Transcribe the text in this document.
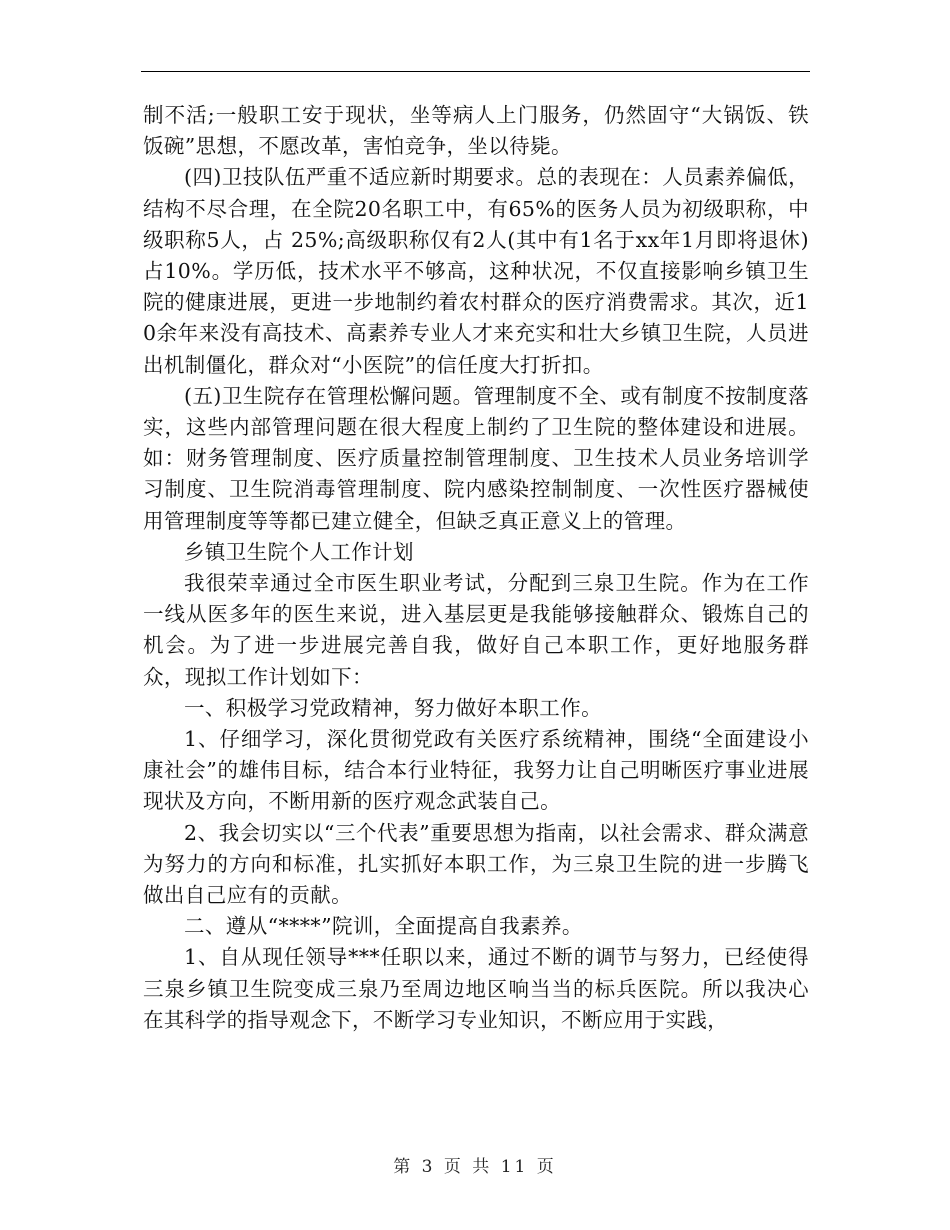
制不活;一般职工安于现状，坐等病人上门服务，仍然固守“大锅饭、铁饭碗”思想，不愿改革，害怕竞争，坐以待毙。

(四)卫技队伍严重不适应新时期要求。总的表现在：人员素养偏低，结构不尽合理，在全院20名职工中，有65%的医务人员为初级职称，中级职称5人，占 25%;高级职称仅有2人(其中有1名于xx年1月即将退休)占10%。学历低，技术水平不够高，这种状况，不仅直接影响乡镇卫生院的健康进展，更进一步地制约着农村群众的医疗消费需求。其次，近10余年来没有高技术、高素养专业人才来充实和壮大乡镇卫生院，人员进出机制僵化，群众对“小医院”的信任度大打折扣。

(五)卫生院存在管理松懈问题。管理制度不全、或有制度不按制度落实，这些内部管理问题在很大程度上制约了卫生院的整体建设和进展。如：财务管理制度、医疗质量控制管理制度、卫生技术人员业务培训学习制度、卫生院消毒管理制度、院内感染控制制度、一次性医疗器械使用管理制度等等都已建立健全，但缺乏真正意义上的管理。

乡镇卫生院个人工作计划

我很荣幸通过全市医生职业考试，分配到三泉卫生院。作为在工作一线从医多年的医生来说，进入基层更是我能够接触群众、锻炼自己的机会。为了进一步进展完善自我，做好自己本职工作，更好地服务群众，现拟工作计划如下：

一、积极学习党政精神，努力做好本职工作。

1、仔细学习，深化贯彻党政有关医疗系统精神，围绕“全面建设小康社会”的雄伟目标，结合本行业特征，我努力让自己明晰医疗事业进展现状及方向，不断用新的医疗观念武装自己。

2、我会切实以“三个代表”重要思想为指南，以社会需求、群众满意为努力的方向和标准，扎实抓好本职工作，为三泉卫生院的进一步腾飞做出自己应有的贡献。

二、遵从“****”院训，全面提高自我素养。

1、自从现任领导***任职以来，通过不断的调节与努力，已经使得三泉乡镇卫生院变成三泉乃至周边地区响当当的标兵医院。所以我决心在其科学的指导观念下，不断学习专业知识，不断应用于实践，

第 3 页 共 11 页
